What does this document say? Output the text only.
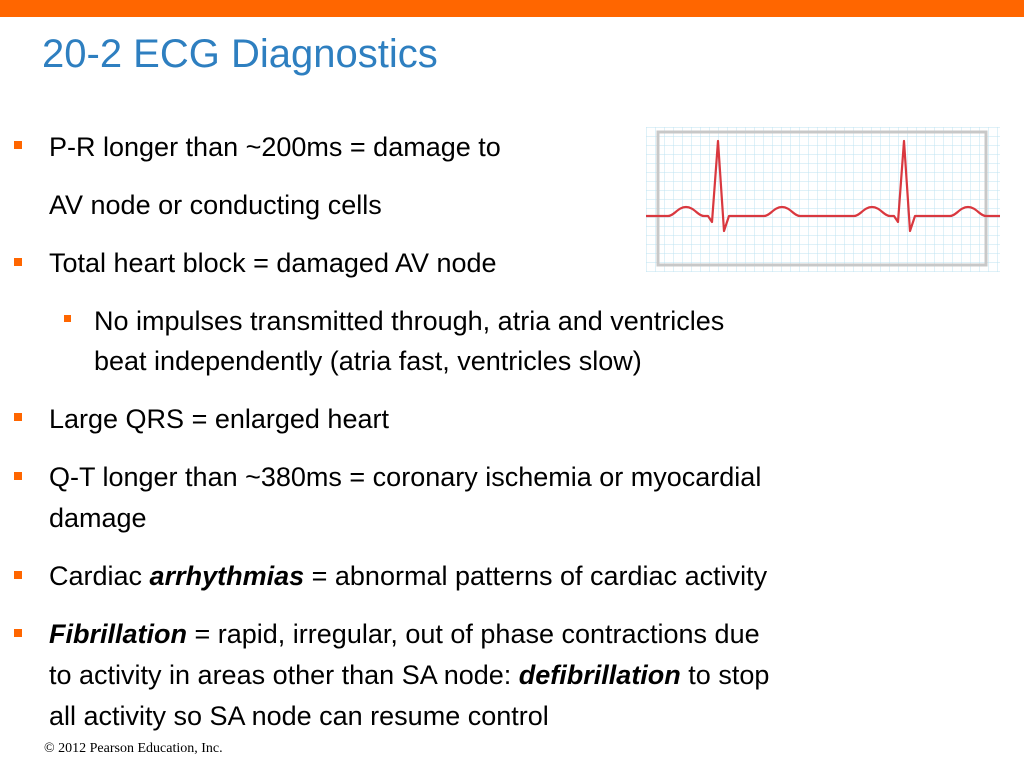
20-2 ECG Diagnostics
P-R longer than ~200ms = damage to
AV node or conducting cells
Total heart block = damaged AV node
No impulses transmitted through, atria and ventricles
beat independently (atria fast, ventricles slow)
Large QRS = enlarged heart
Q-T longer than ~380ms = coronary ischemia or myocardial
damage
Cardiac arrhythmias = abnormal patterns of cardiac activity
Fibrillation = rapid, irregular, out of phase contractions due
to activity in areas other than SA node: defibrillation to stop
all activity so SA node can resume control
© 2012 Pearson Education, Inc.
